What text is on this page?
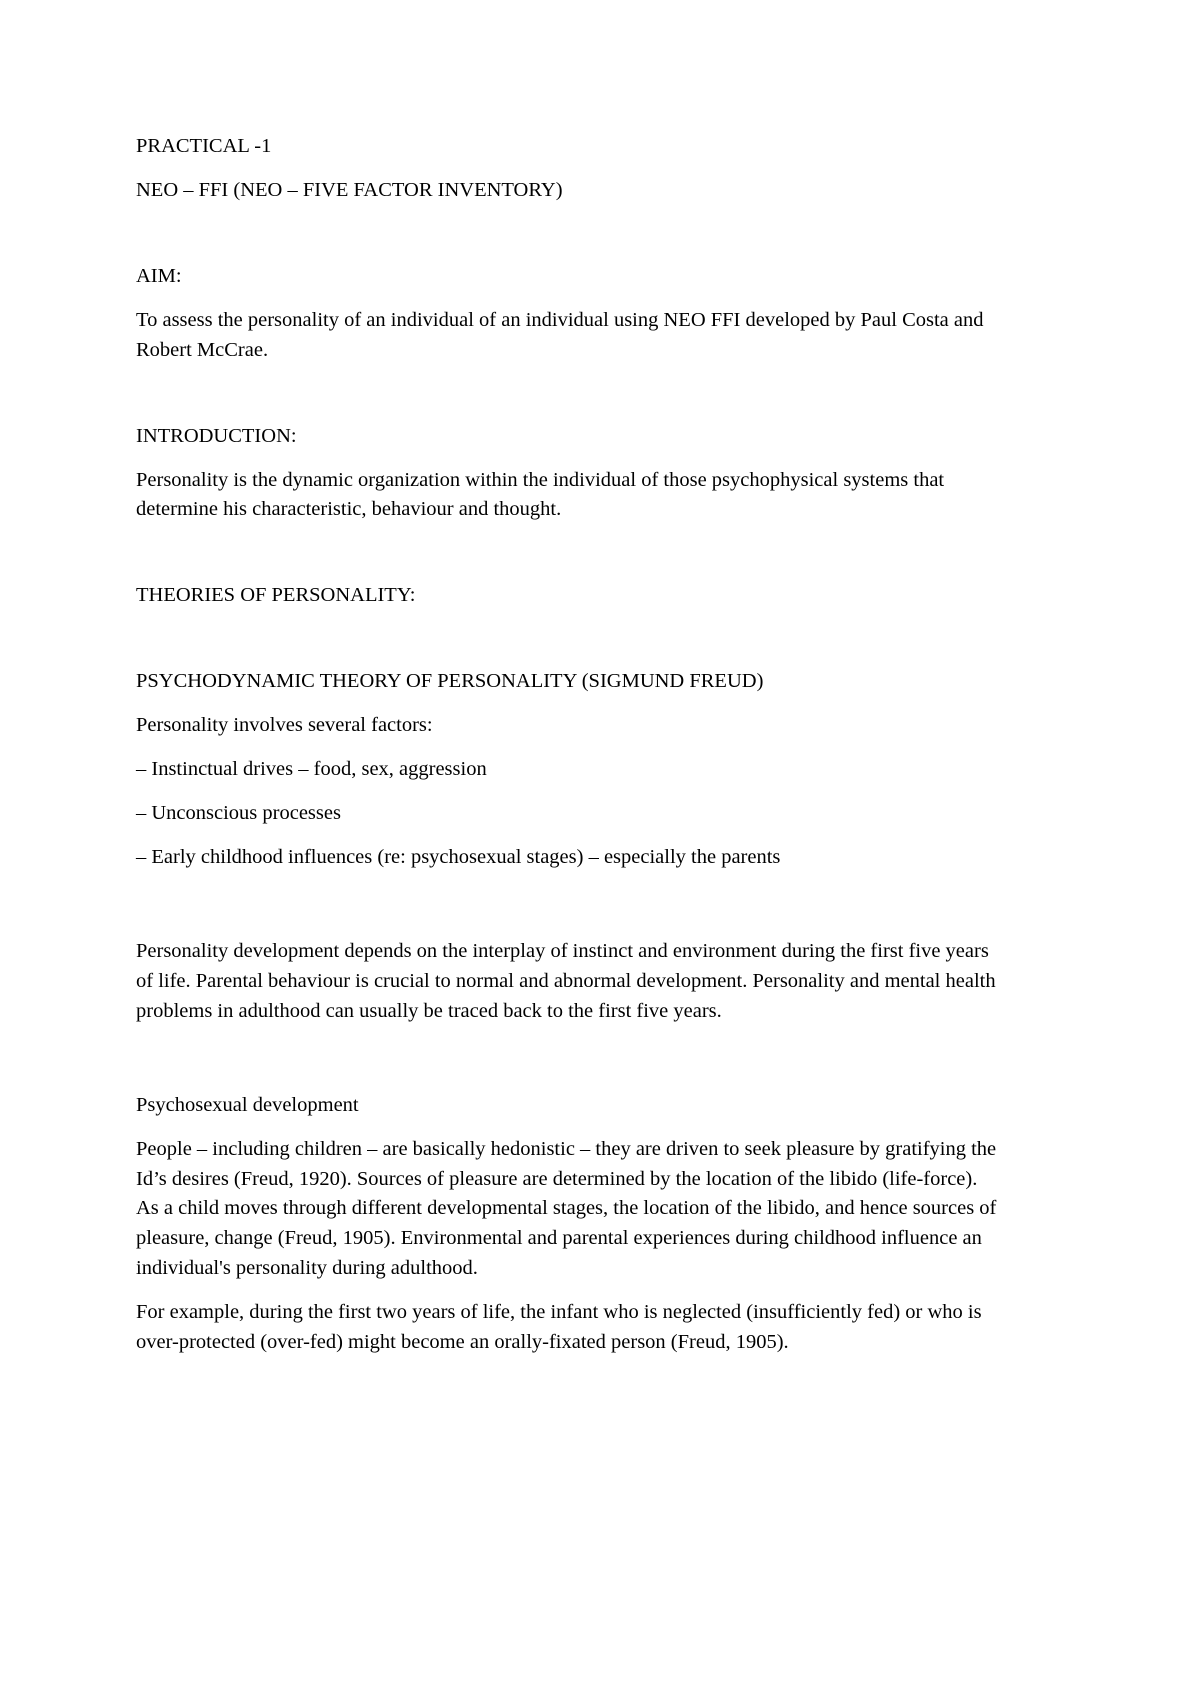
PRACTICAL -1

NEO – FFI (NEO – FIVE FACTOR INVENTORY)

AIM:

To assess the personality of an individual of an individual using NEO FFI developed by Paul Costa and Robert McCrae.

INTRODUCTION:

Personality is the dynamic organization within the individual of those psychophysical systems that determine his characteristic, behaviour and thought.

THEORIES OF PERSONALITY:

PSYCHODYNAMIC THEORY OF PERSONALITY (SIGMUND FREUD)

Personality involves several factors:

– Instinctual drives – food, sex, aggression

– Unconscious processes

– Early childhood influences (re: psychosexual stages) – especially the parents

Personality development depends on the interplay of instinct and environment during the first five years of life. Parental behaviour is crucial to normal and abnormal development. Personality and mental health problems in adulthood can usually be traced back to the first five years.

Psychosexual development

People – including children – are basically hedonistic – they are driven to seek pleasure by gratifying the Id’s desires (Freud, 1920). Sources of pleasure are determined by the location of the libido (life-force). As a child moves through different developmental stages, the location of the libido, and hence sources of pleasure, change (Freud, 1905). Environmental and parental experiences during childhood influence an individual's personality during adulthood.

For example, during the first two years of life, the infant who is neglected (insufficiently fed) or who is over-protected (over-fed) might become an orally-fixated person (Freud, 1905).
